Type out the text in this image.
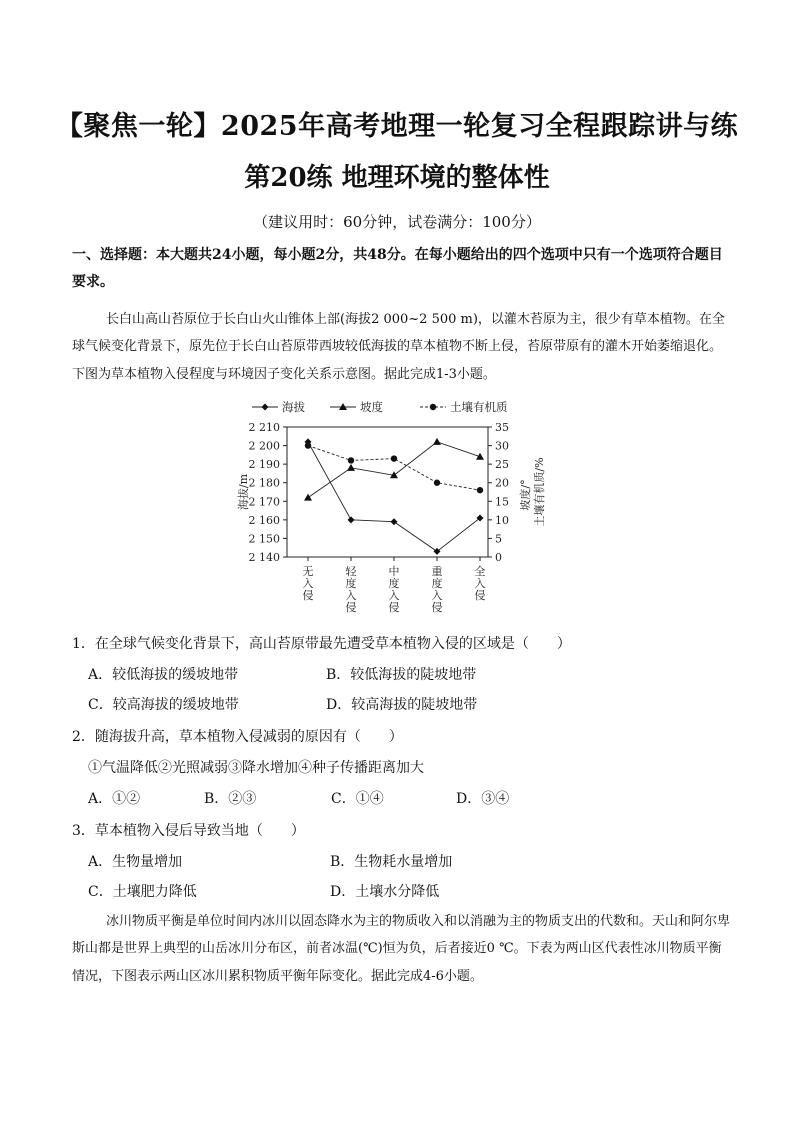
【聚焦一轮】2025年高考地理一轮复习全程跟踪讲与练
第20练 地理环境的整体性
（建议用时：60分钟，试卷满分：100分）
一、选择题：本大题共24小题，每小题2分，共48分。在每小题给出的四个选项中只有一个选项符合题目要求。
长白山高山苔原位于长白山火山锥体上部(海拔2 000~2 500 m)，以灌木苔原为主，很少有草本植物。在全球气候变化背景下，原先位于长白山苔原带西坡较低海拔的草本植物不断上侵，苔原带原有的灌木开始萎缩退化。下图为草本植物入侵程度与环境因子变化关系示意图。据此完成1-3小题。
海拔	坡度	土壤有机质
2 210
2 200
2 190
2 180
2 170
2 160
2 150
2 140
35
30
25
20
15
10
5
0
海拔/m	坡度/° 土壤有机质/%
无
入
侵
轻
度
入
侵
中
度
入
侵
重
度
入
侵
全
入
侵
1．在全球气候变化背景下，高山苔原带最先遭受草本植物入侵的区域是（　　）
A．较低海拔的缓坡地带	B．较低海拔的陡坡地带
C．较高海拔的缓坡地带	D．较高海拔的陡坡地带
2．随海拔升高，草本植物入侵减弱的原因有（　　）
①气温降低②光照减弱③降水增加④种子传播距离加大
A．①②	B．②③	C．①④	D．③④
3．草本植物入侵后导致当地（　　）
A．生物量增加	B．生物耗水量增加
C．土壤肥力降低	D．土壤水分降低
冰川物质平衡是单位时间内冰川以固态降水为主的物质收入和以消融为主的物质支出的代数和。天山和阿尔卑斯山都是世界上典型的山岳冰川分布区，前者冰温(℃)恒为负，后者接近0 ℃。下表为两山区代表性冰川物质平衡情况，下图表示两山区冰川累积物质平衡年际变化。据此完成4-6小题。
